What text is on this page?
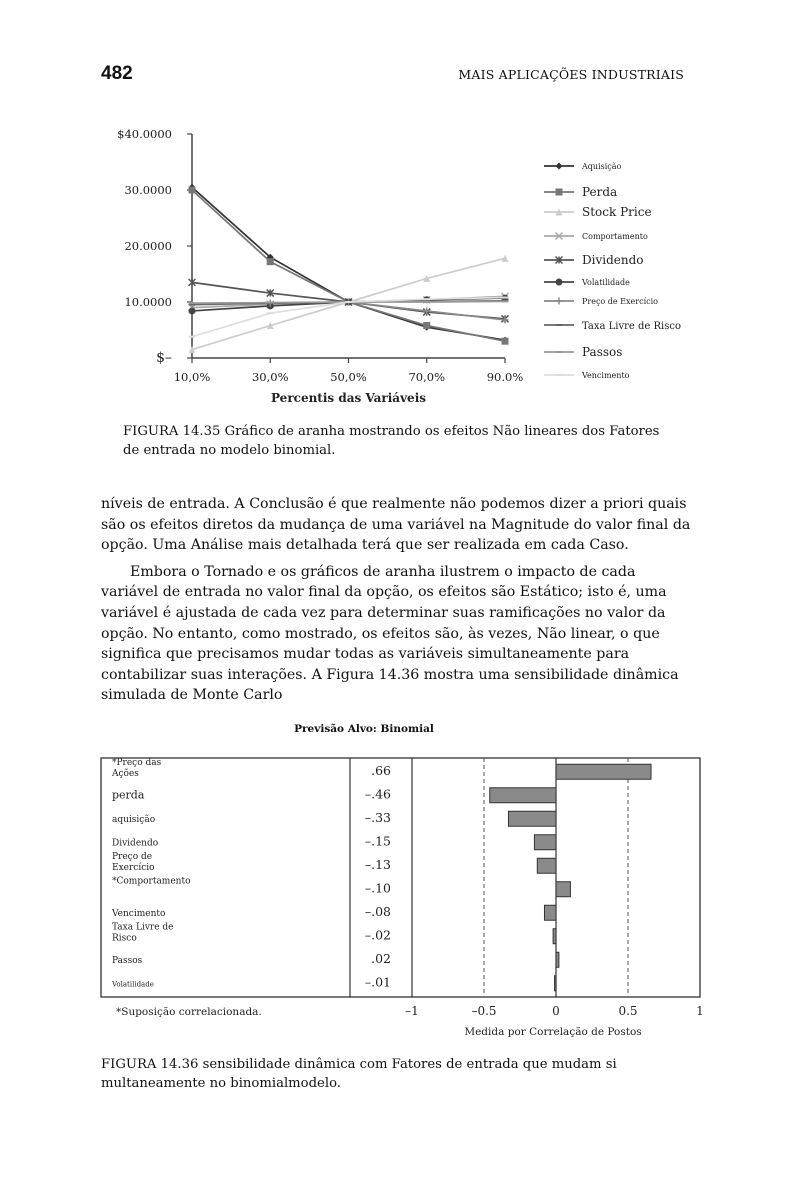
482	MAIS APLICAÇÕES INDUSTRIAIS
$–
10.0000
20.0000
30.0000
$40.0000
10,0%	30,0%	50,0%	70,0%	90.0%
Percentis das Variáveis
Aquisição
Perda
Stock Price
Comportamento
Dividendo
Volatilidade
Preço de Exercício
Taxa Livre de Risco
Passos
Vencimento
FIGURA 14.35 Gráfico de aranha mostrando os efeitos Não lineares dos Fatores de entrada no modelo binomial.

níveis de entrada. A Conclusão é que realmente não podemos dizer a priori quais são os efeitos diretos da mudança de uma variável na Magnitude do valor final da opção. Uma Análise mais detalhada terá que ser realizada em cada Caso.

Embora o Tornado e os gráficos de aranha ilustrem o impacto de cada variável de entrada no valor final da opção, os efeitos são Estático; isto é, uma variável é ajustada de cada vez para determinar suas ramificações no valor da opção. No entanto, como mostrado, os efeitos são, às vezes, Não linear, o que significa que precisamos mudar todas as variáveis simultaneamente para contabilizar suas interações. A Figura 14.36 mostra uma sensibilidade dinâmica simulada de Monte Carlo

Previsão Alvo: Binomial
*Preço das Ações	.66
perda	–.46
aquisição	–.33
Dividendo	–.15
Preço de Exercício	–.13
*Comportamento	–.10
Vencimento	–.08
Taxa Livre de Risco	–.02
Passos	.02
Volatilidade	–.01
–1	–0.5	0	0.5	1
Medida por Correlação de Postos
*Suposição correlacionada.
FIGURA 14.36 sensibilidade dinâmica com Fatores de entrada que mudam si multaneamente no binomialmodelo.
